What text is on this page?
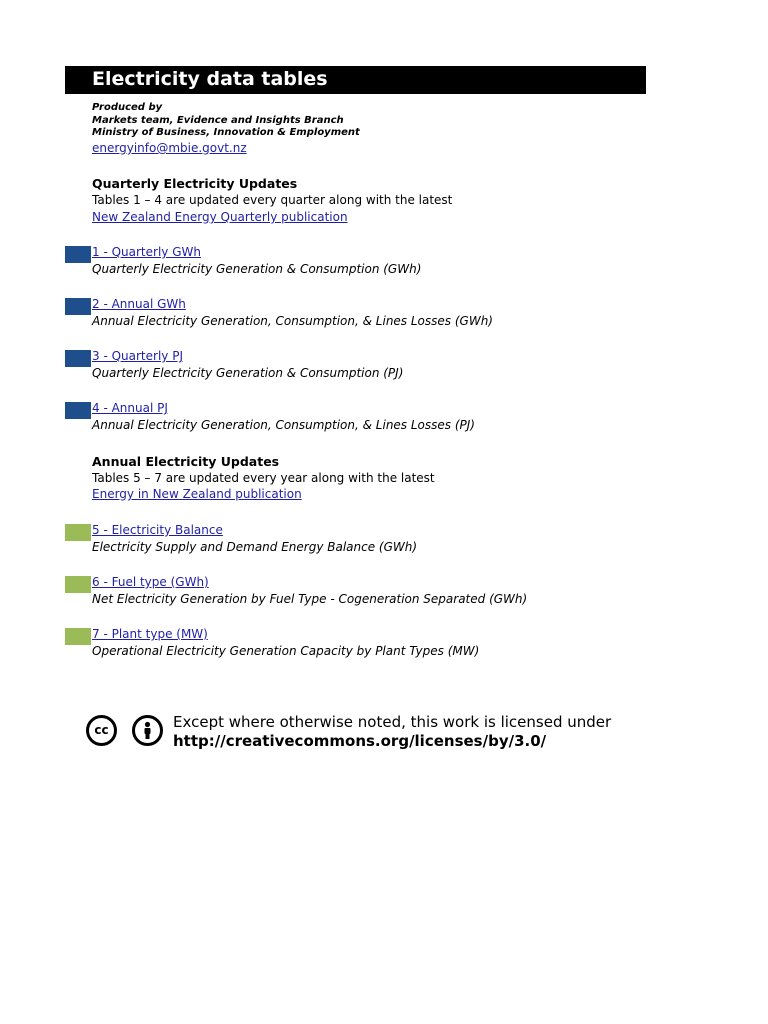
Electricity data tables
Produced by
Markets team, Evidence and Insights Branch
Ministry of Business, Innovation & Employment
energyinfo@mbie.govt.nz
Quarterly Electricity Updates
Tables 1 – 4 are updated every quarter along with the latest
New Zealand Energy Quarterly publication
1 - Quarterly GWh
Quarterly Electricity Generation & Consumption (GWh)
2 - Annual GWh
Annual Electricity Generation, Consumption, & Lines Losses (GWh)
3 - Quarterly PJ
Quarterly Electricity Generation & Consumption (PJ)
4 - Annual PJ
Annual Electricity Generation, Consumption, & Lines Losses (PJ)
Annual Electricity Updates
Tables 5 – 7 are updated every year along with the latest
Energy in New Zealand publication
5 - Electricity Balance
Electricity Supply and Demand Energy Balance (GWh)
6 - Fuel type (GWh)
Net Electricity Generation by Fuel Type - Cogeneration Separated (GWh)
7 - Plant type (MW)
Operational Electricity Generation Capacity by Plant Types (MW)
cc	Except where otherwise noted, this work is licensed under
http://creativecommons.org/licenses/by/3.0/
